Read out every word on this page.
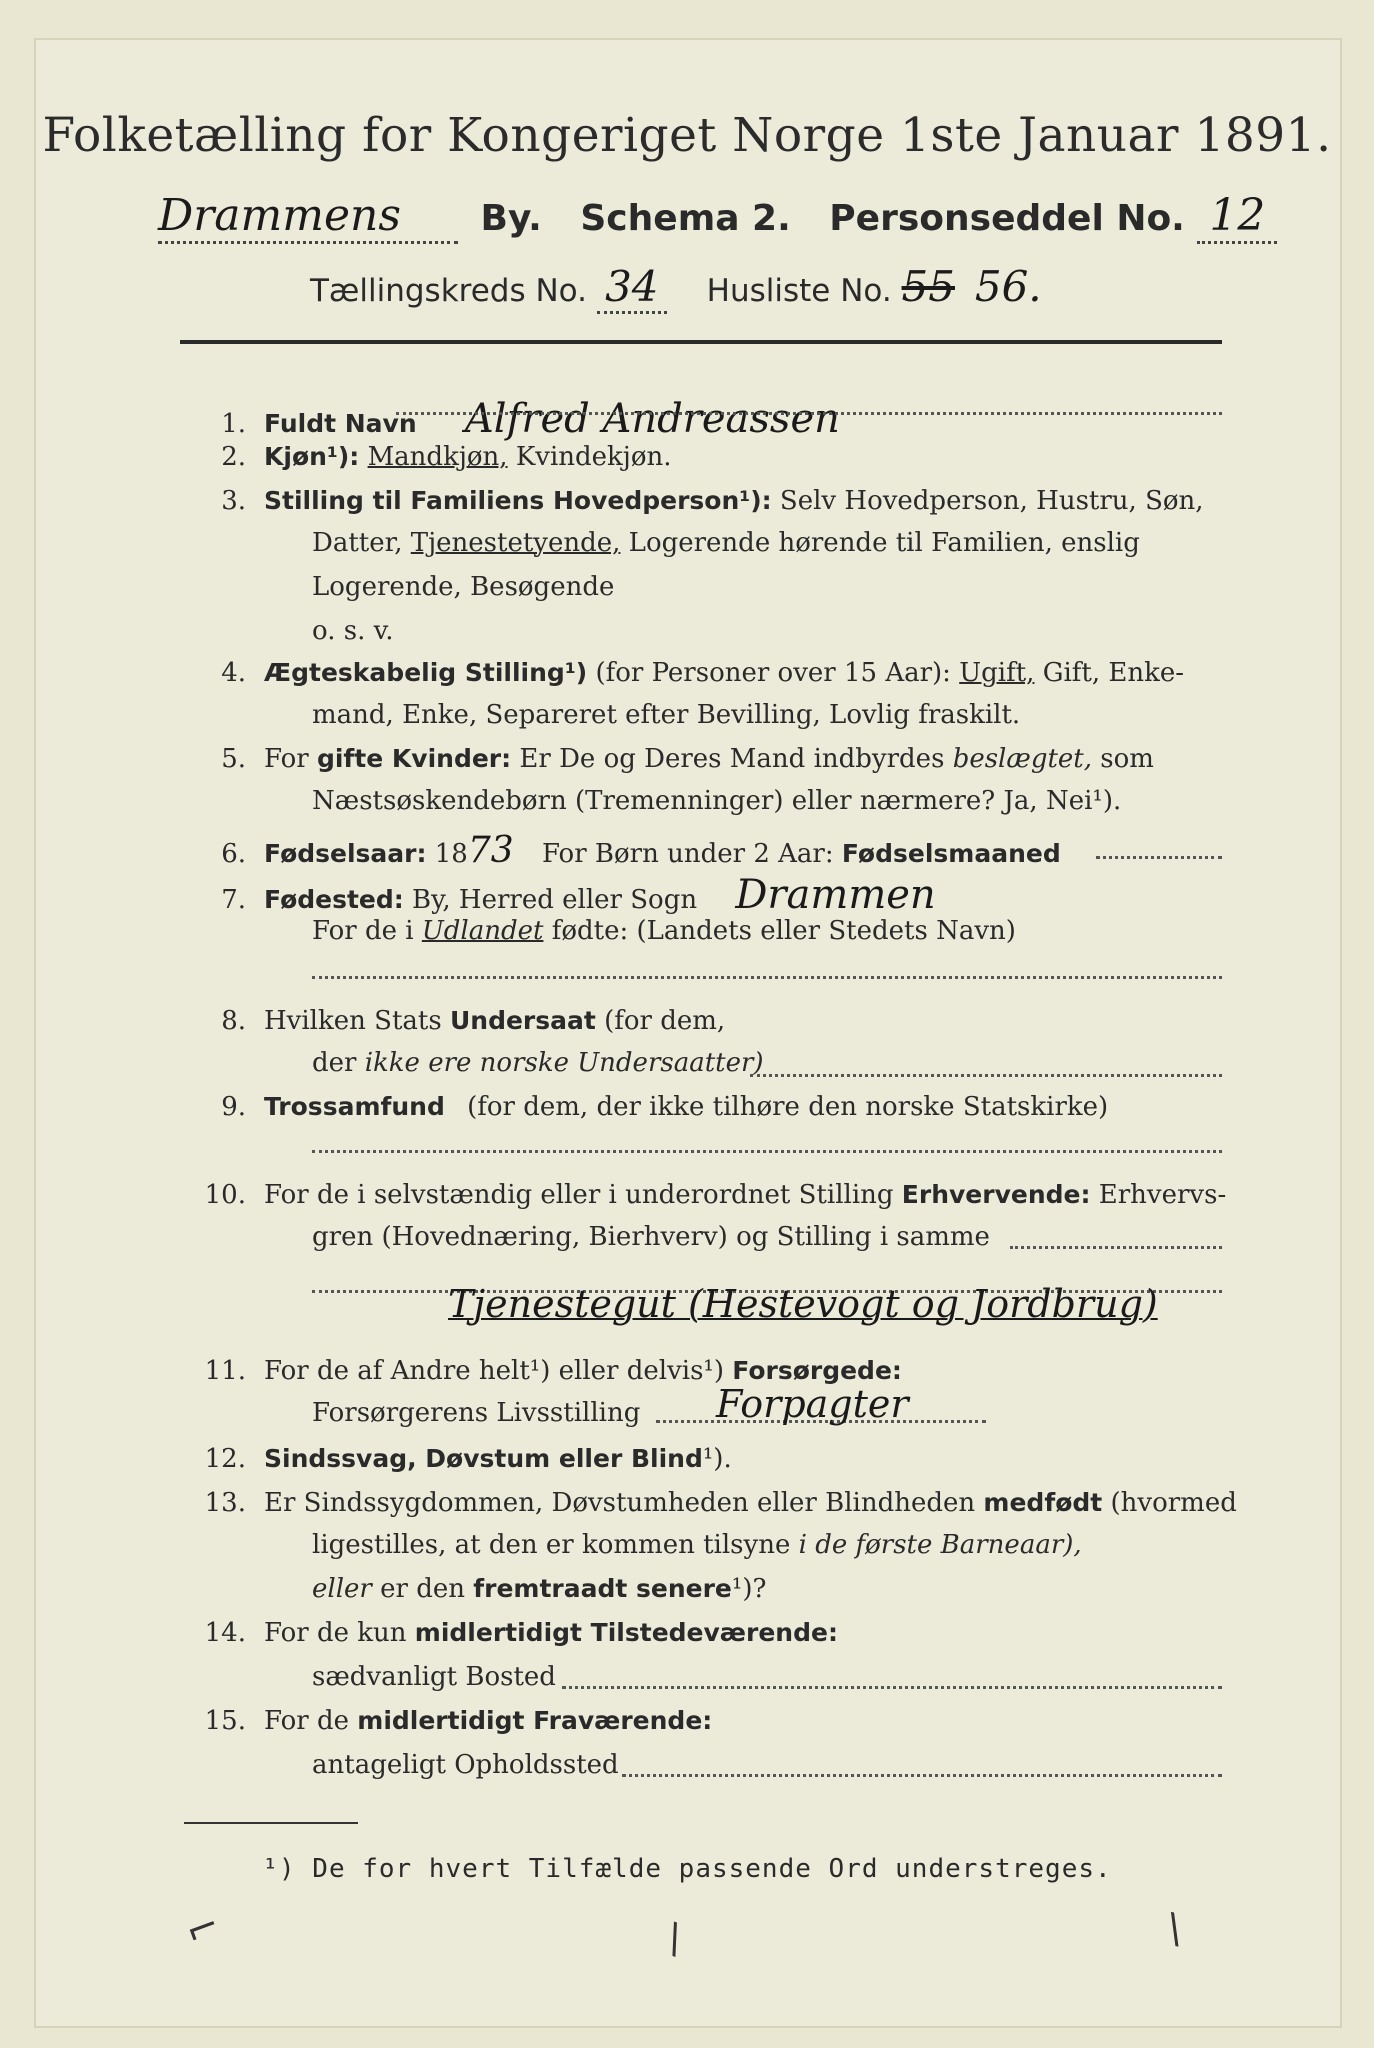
Folketælling for Kongeriget Norge 1ste Januar 1891.
Drammens By. Schema 2. Personseddel No. 12
Tællingskreds No. 34 Husliste No. 55 56.
1. Fuldt Navn Alfred Andreassen
2. Kjøn¹): Mandkjøn, Kvindekjøn.
3. Stilling til Familiens Hovedperson¹): Selv Hovedperson, Hustru, Søn,
Datter, Tjenestetyende, Logerende hørende til Familien, enslig
Logerende, Besøgende
o. s. v.
4. Ægteskabelig Stilling¹) (for Personer over 15 Aar): Ugift, Gift, Enke-
mand, Enke, Separeret efter Bevilling, Lovlig fraskilt.
5. For gifte Kvinder: Er De og Deres Mand indbyrdes beslægtet, som
Næstsøskendebørn (Tremenninger) eller nærmere? Ja, Nei¹).
6. Fødselsaar: 1873 For Børn under 2 Aar: Fødselsmaaned
7. Fødested: By, Herred eller Sogn Drammen
For de i Udlandet fødte: (Landets eller Stedets Navn)
8. Hvilken Stats Undersaat (for dem,
der ikke ere norske Undersaatter)
9. Trossamfund (for dem, der ikke tilhøre den norske Statskirke)
10. For de i selvstændig eller i underordnet Stilling Erhvervende: Erhvervs-
gren (Hovednæring, Bierhverv) og Stilling i samme
Tjenestegut (Hestevogt og Jordbrug)
11. For de af Andre helt¹) eller delvis¹) Forsørgede:
Forsørgerens Livsstilling Forpagter
12. Sindssvag, Døvstum eller Blind¹).
13. Er Sindssygdommen, Døvstumheden eller Blindheden medfødt (hvormed
ligestilles, at den er kommen tilsyne i de første Barneaar),
eller er den fremtraadt senere¹)?
14. For de kun midlertidigt Tilstedeværende:
sædvanligt Bosted
15. For de midlertidigt Fraværende:
antageligt Opholdssted
¹) De for hvert Tilfælde passende Ord understreges.
⌐	\	\
